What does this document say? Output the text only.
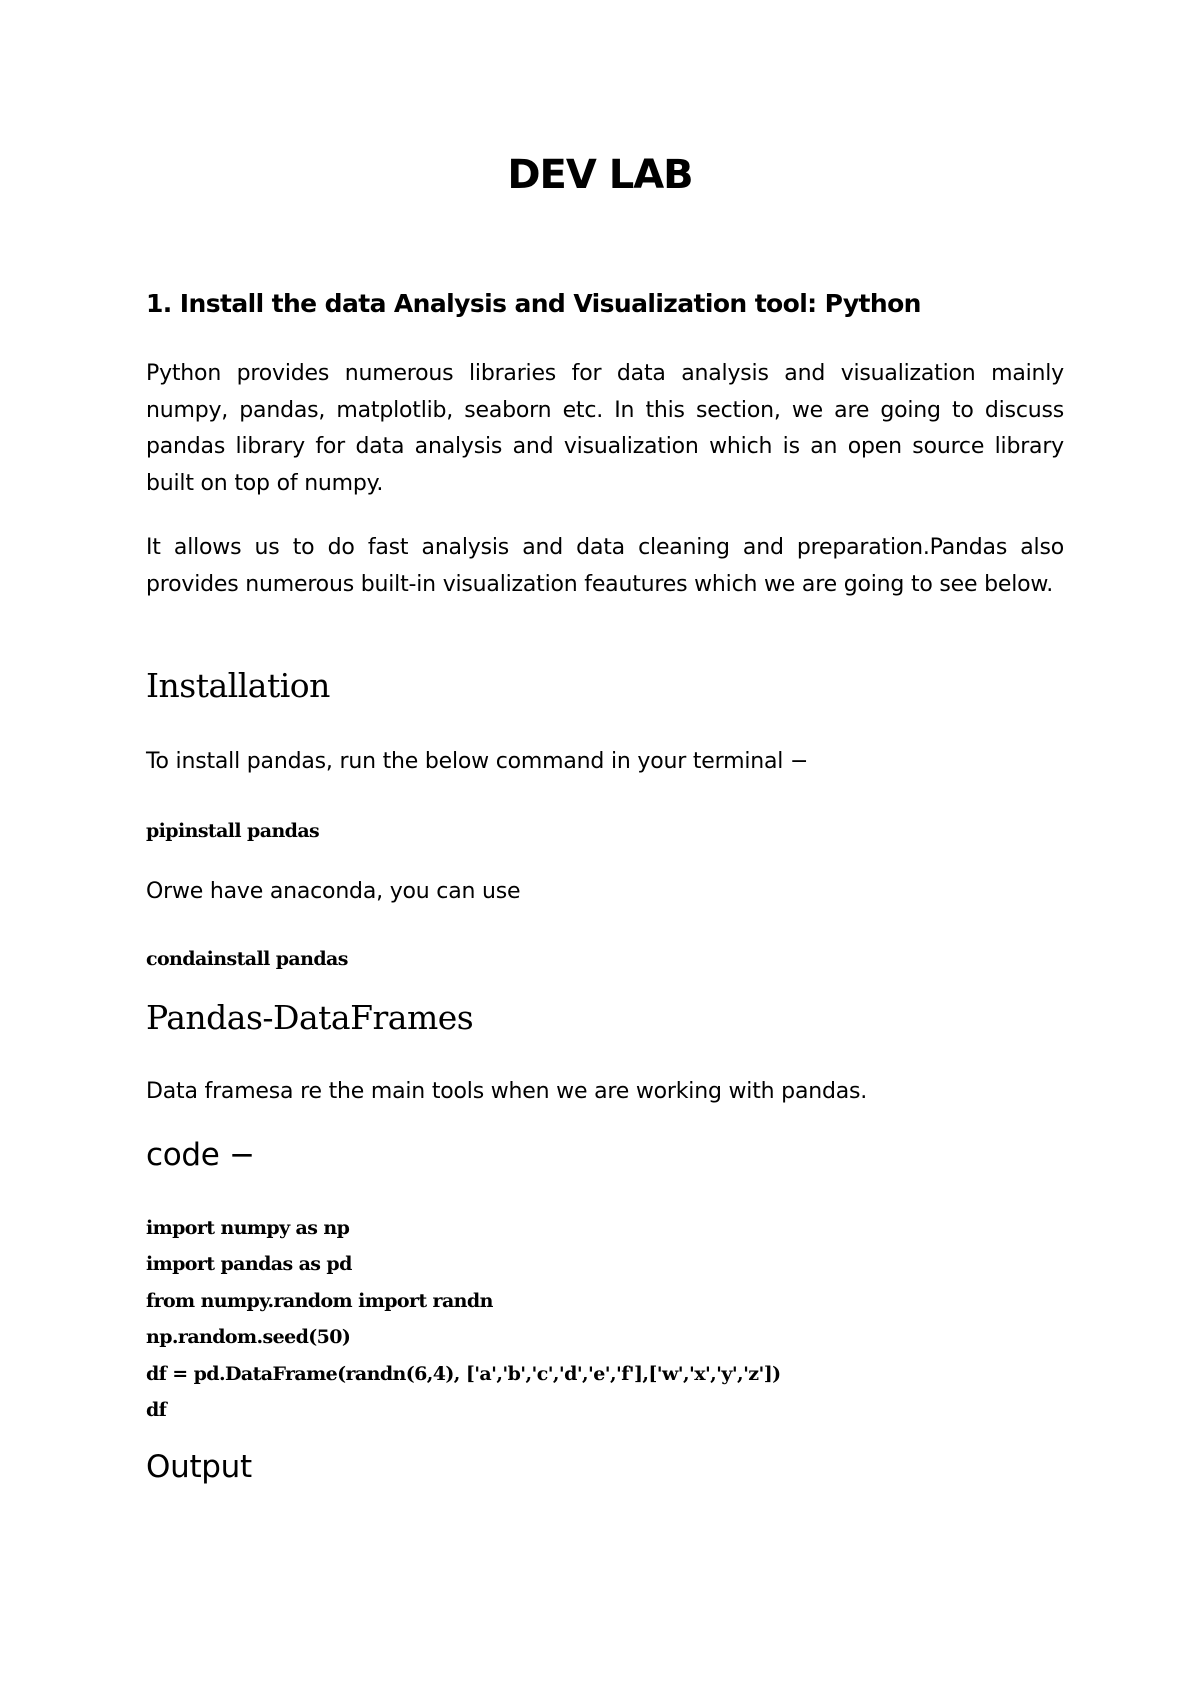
DEV LAB
1. Install the data Analysis and Visualization tool: Python
Python provides numerous libraries for data analysis and visualization mainly numpy, pandas, matplotlib, seaborn etc. In this section, we are going to discuss pandas library for data analysis and visualization which is an open source library built on top of numpy.
It allows us to do fast analysis and data cleaning and preparation.Pandas also provides numerous built-in visualization feautures which we are going to see below.
Installation
To install pandas, run the below command in your terminal −
pipinstall pandas
Orwe have anaconda, you can use
condainstall pandas
Pandas-DataFrames
Data framesa re the main tools when we are working with pandas.
code −
import numpy as np
import pandas as pd
from numpy.random import randn
np.random.seed(50)
df = pd.DataFrame(randn(6,4), ['a','b','c','d','e','f'],['w','x','y','z'])
df
Output
